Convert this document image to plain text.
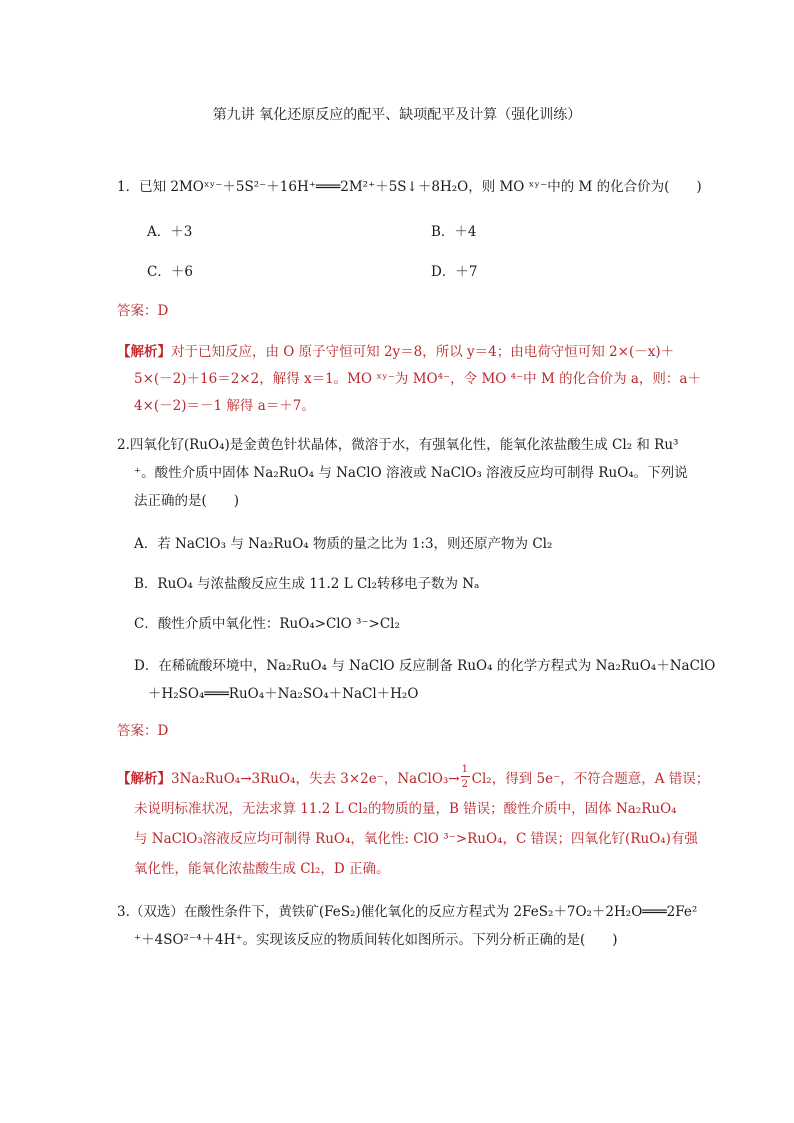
第九讲 氧化还原反应的配平、缺项配平及计算（强化训练）
1．已知 2MOˣʸ⁻＋5S²⁻＋16H⁺═══2M²⁺＋5S↓＋8H₂O，则 MO ˣʸ⁻中的 M 的化合价为(　　)
A．＋3	B．＋4
C．＋6	D．＋7
答案：D
【解析】对于已知反应，由 O 原子守恒可知 2y＝8，所以 y＝4；由电荷守恒可知 2×(－x)＋
5×(－2)＋16＝2×2，解得 x＝1。MO ˣʸ⁻为 MO⁴⁻，令 MO ⁴⁻中 M 的化合价为 a，则：a＋
4×(－2)＝－1 解得 a＝＋7。
2.四氧化钌(RuO₄)是金黄色针状晶体，微溶于水，有强氧化性，能氧化浓盐酸生成 Cl₂ 和 Ru³
⁺。酸性介质中固体 Na₂RuO₄ 与 NaClO 溶液或 NaClO₃ 溶液反应均可制得 RuO₄。下列说
法正确的是(　　)
A．若 NaClO₃ 与 Na₂RuO₄ 物质的量之比为 1:3，则还原产物为 Cl₂
B．RuO₄ 与浓盐酸反应生成 11.2 L Cl₂转移电子数为 Nₐ
C．酸性介质中氧化性：RuO₄>ClO ³⁻>Cl₂
D．在稀硫酸环境中，Na₂RuO₄ 与 NaClO 反应制备 RuO₄ 的化学方程式为 Na₂RuO₄＋NaClO
＋H₂SO₄═══RuO₄＋Na₂SO₄＋NaCl＋H₂O
答案：D
【解析】3Na₂RuO₄→3RuO₄，失去 3×2e⁻，NaClO₃→ $\frac{1}{2} Cl_2$，得到 5e⁻，不符合题意，A 错误；
未说明标准状况，无法求算 11.2 L Cl₂的物质的量，B 错误；酸性介质中，固体 Na₂RuO₄
与 NaClO₃溶液反应均可制得 RuO₄，氧化性: ClO ³⁻>RuO₄，C 错误；四氧化钌(RuO₄)有强
氧化性，能氧化浓盐酸生成 Cl₂，D 正确。
3.（双选）在酸性条件下，黄铁矿(FeS₂)催化氧化的反应方程式为 2FeS₂＋7O₂＋2H₂O═══2Fe²
⁺＋4SO²⁻⁴＋4H⁺。实现该反应的物质间转化如图所示。下列分析正确的是(　　)
